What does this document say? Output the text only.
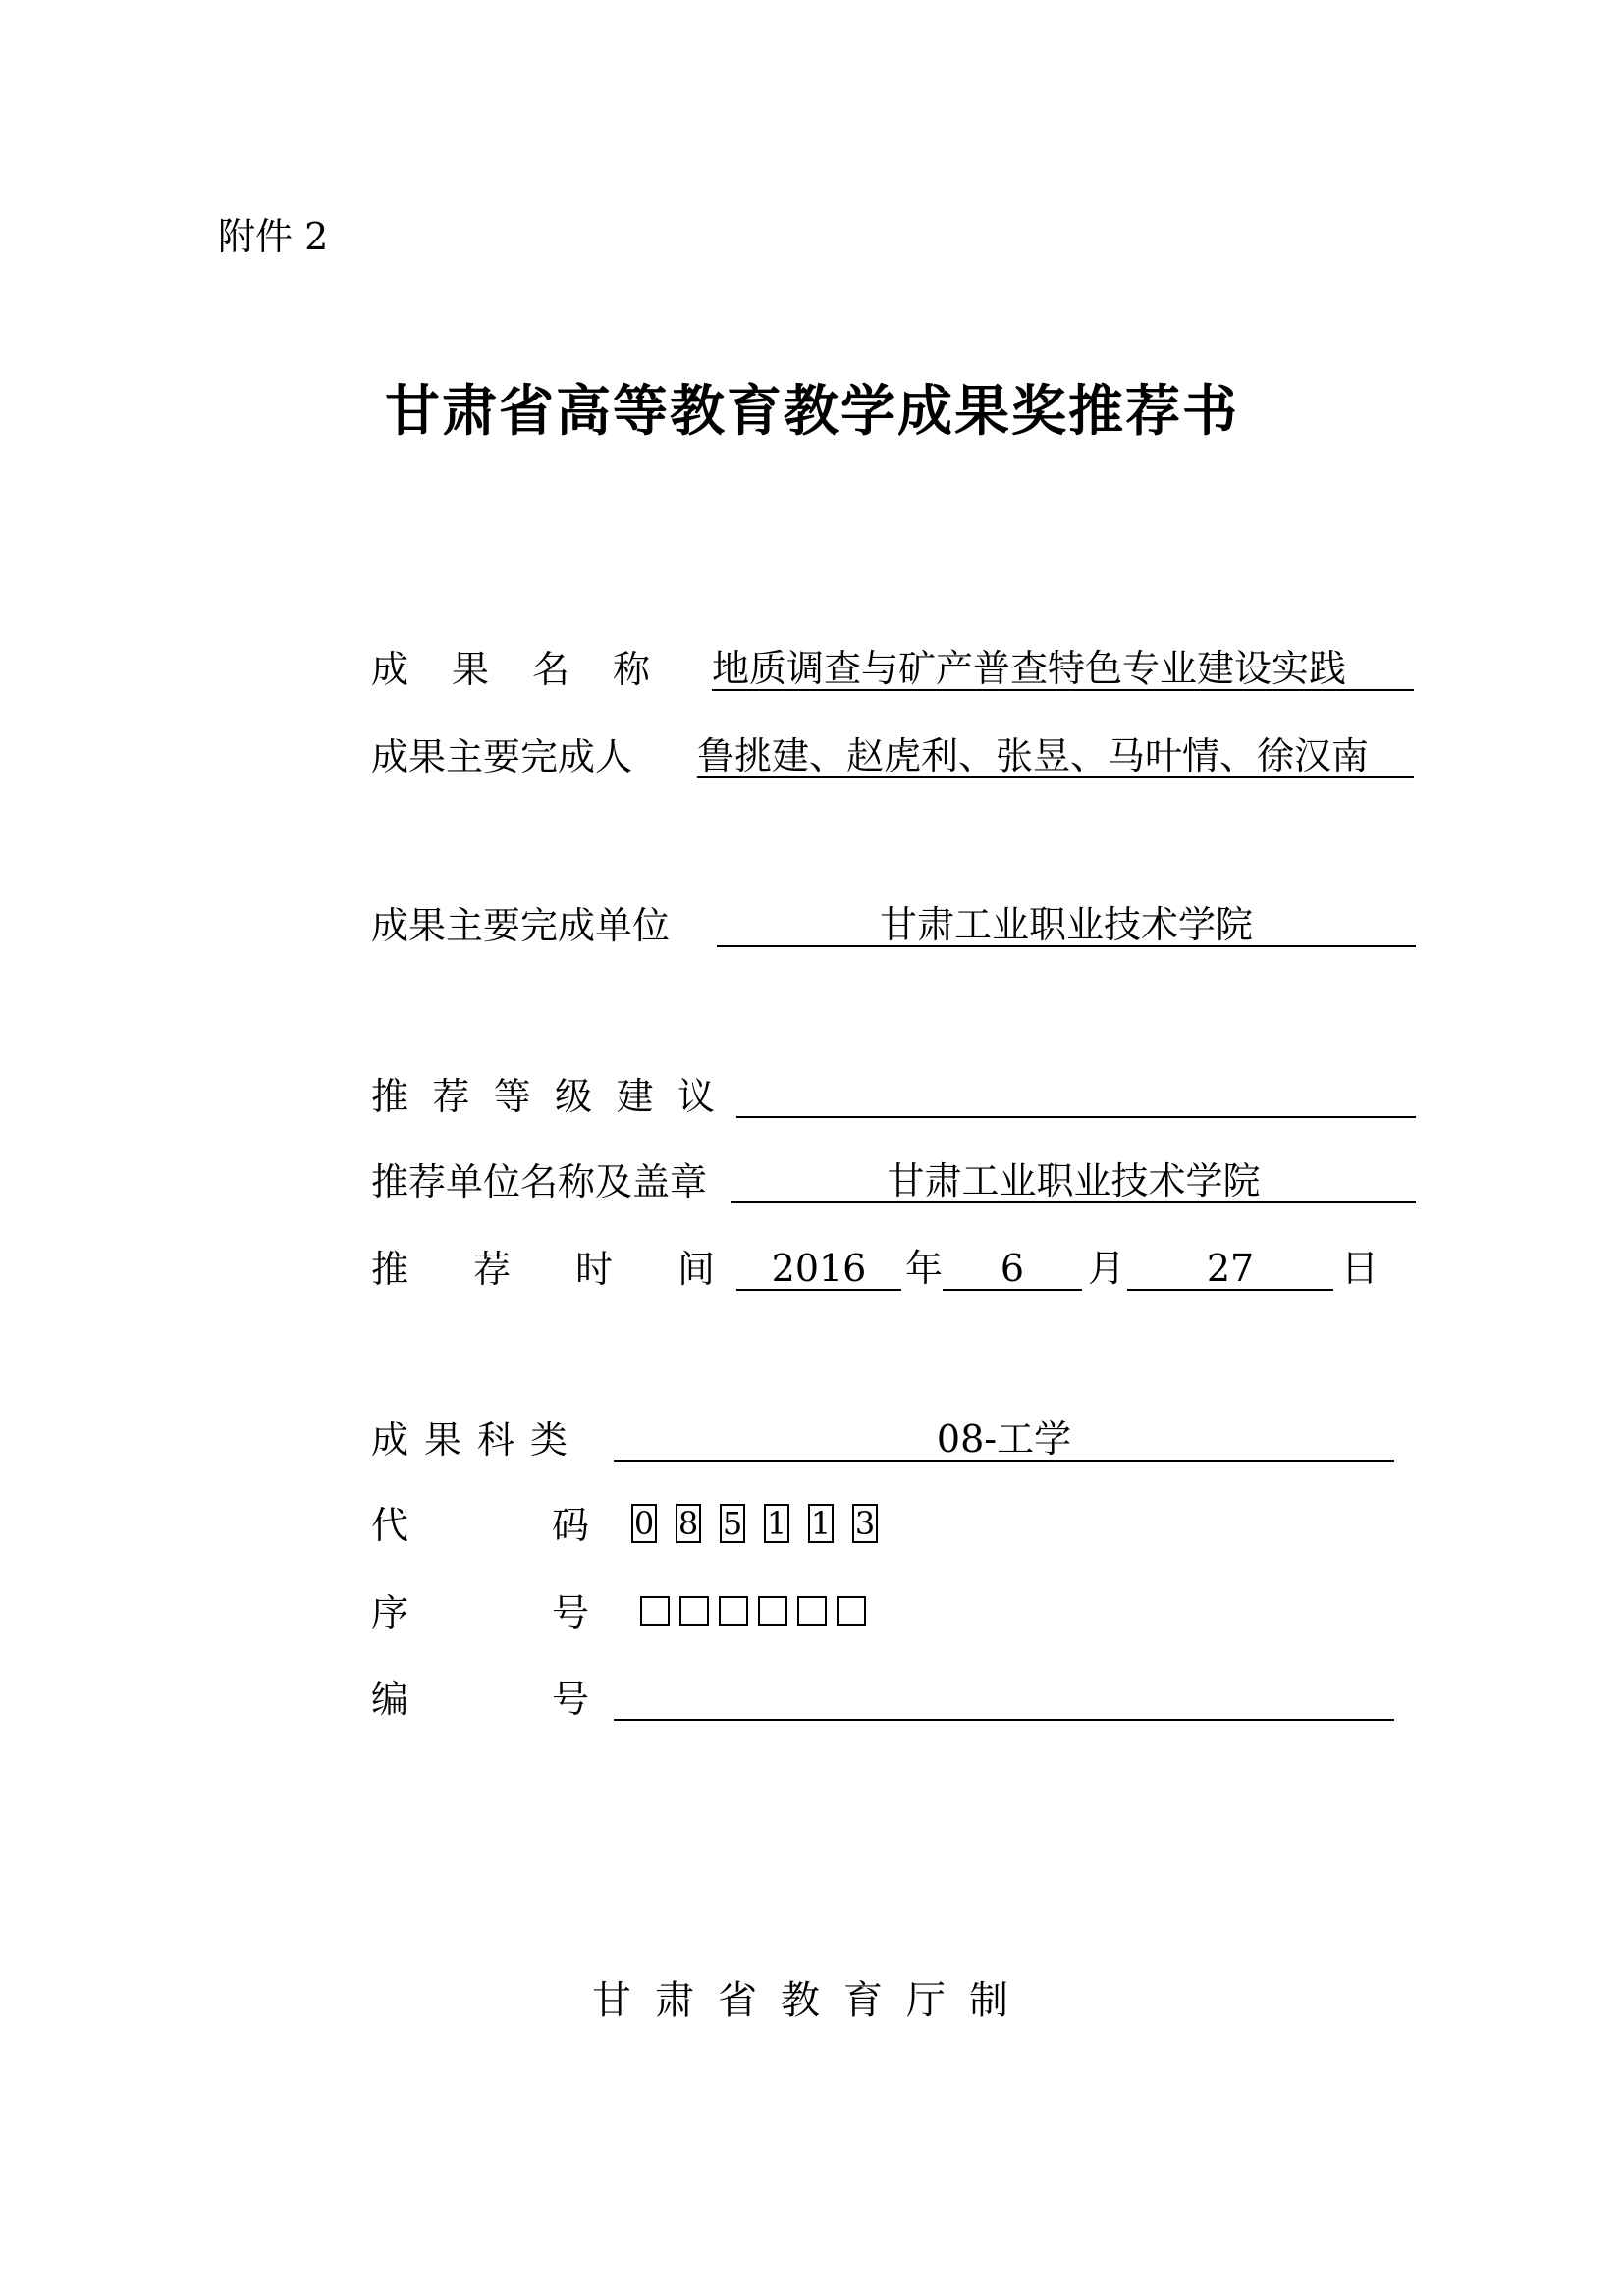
附件 2
甘肃省高等教育教学成果奖推荐书
成 果 名 称 地质调查与矿产普查特色专业建设实践
成果主要完成人 鲁挑建、赵虎利、张昱、马叶情、徐汉南
成果主要完成单位	甘肃工业职业技术学院
推 荐 等 级 建 议
推荐单位名称及盖章	甘肃工业职业技术学院
推 荐 时 间	2016	年	6	月	27	日
成 果 科 类	08-工学
代	码 0 8 5 1 1 3
序	号
编	号
甘肃省教育厅制
